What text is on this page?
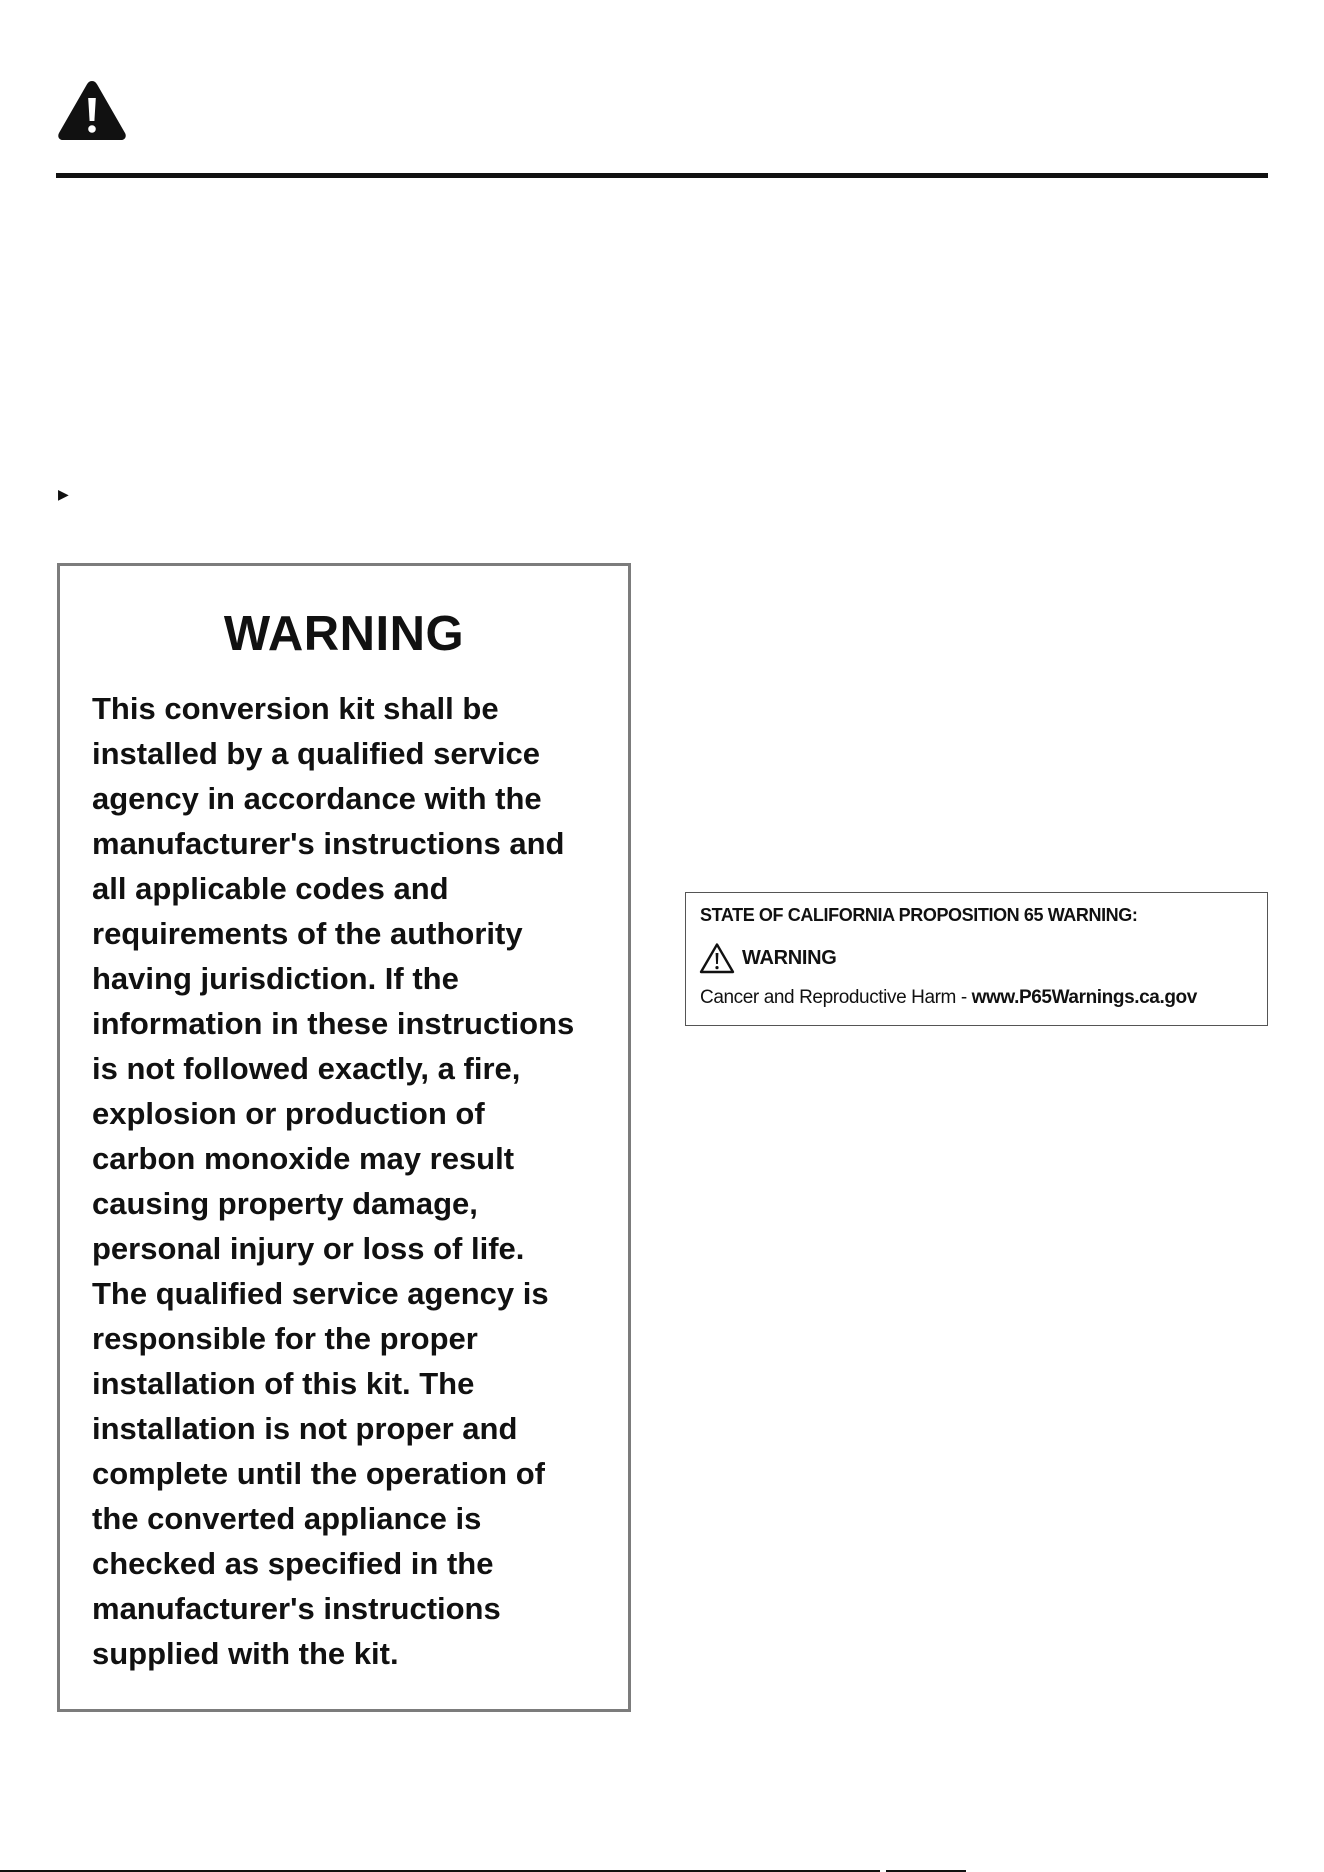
▶
WARNING

This conversion kit shall be
installed by a qualified service
agency in accordance with the
manufacturer's instructions and
all applicable codes and
requirements of the authority
having jurisdiction. If the
information in these instructions
is not followed exactly, a fire,
explosion or production of
carbon monoxide may result
causing property damage,
personal injury or loss of life.
The qualified service agency is
responsible for the proper
installation of this kit. The
installation is not proper and
complete until the operation of
the converted appliance is
checked as specified in the
manufacturer's instructions
supplied with the kit.

STATE OF CALIFORNIA PROPOSITION 65 WARNING:
WARNING
Cancer and Reproductive Harm - www.P65Warnings.ca.gov
